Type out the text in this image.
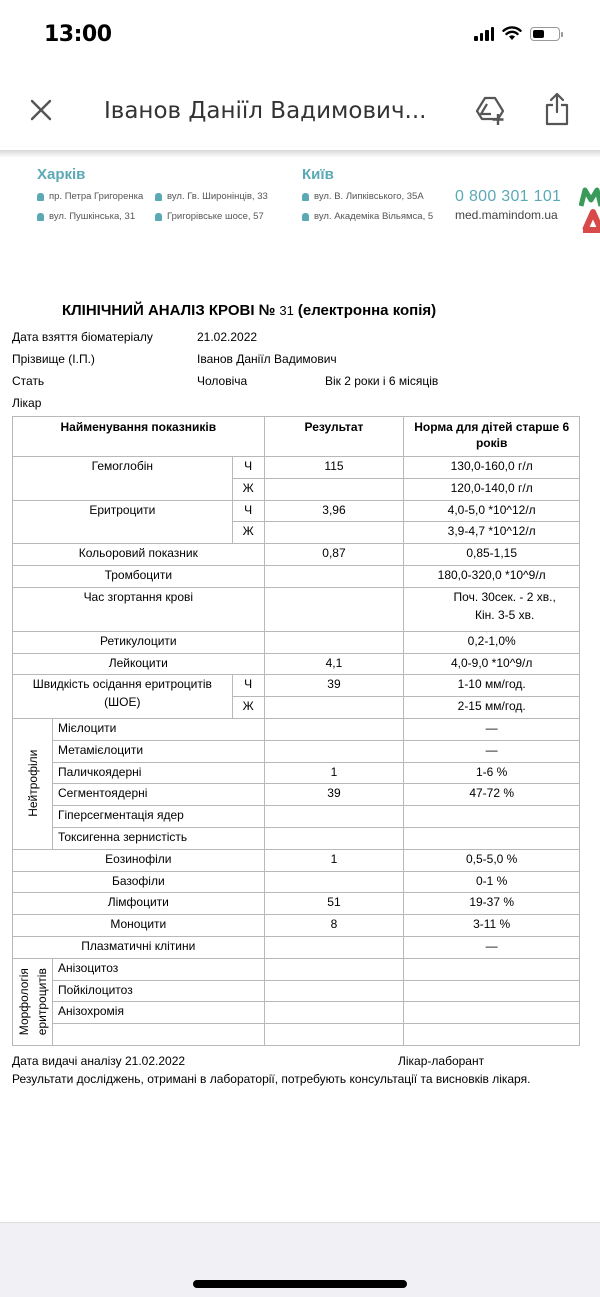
13:00
Іванов Даніїл Вадимович...
Харків
пр. Петра Григоренка вул. Гв. Широнінців, 33
вул. Пушкінська, 31	Григорівське шосе, 57
Київ
вул. В. Липківського, 35А
вул. Академіка Вільямса, 5
0 800 301 101
med.mamindom.ua
КЛІНІЧНИЙ АНАЛІЗ КРОВІ № 31 (електронна копія)
Дата взяття біоматеріалу	21.02.2022
Прізвище (І.П.)	Іванов Даніїл Вадимович
Стать	Чоловіча	Вік 2 роки і 6 місяців
Лікар
Найменування показників			Результат	Норма для дітей старше 6 років
Гемоглобін		Ч	115	130,0-160,0 г/л
		Ж		120,0-140,0 г/л
Еритроцити		Ч	3,96	4,0-5,0 *10^12/л
		Ж		3,9-4,7 *10^12/л
Кольоровий показник			0,87	0,85-1,15
Тромбоцити				180,0-320,0 *10^9/л
Час згортання крові				Поч. 30сек. - 2 хв.,
Кін. 3-5 хв.

Ретикулоцити				0,2-1,0%
Лейкоцити			4,1	4,0-9,0 *10^9/л
Швидкість осідання еритроцитів (ШОЕ)		Ч	39	1-10 мм/год.
		Ж		2-15 мм/год.
Нейтрофіли	Мієлоцити			—
	Метамієлоцити			—
	Паличкоядерні		1	1-6 %
	Сегментоядерні		39	47-72 %
	Гіперсегментація ядер			
	Токсигенна зернистість			
Еозинофіли			1	0,5-5,0 %
Базофіли				0-1 %
Лімфоцити			51	19-37 %
Моноцити			8	3-11 %
Плазматичні клітини				—
Морфологія еритроцитів	Анізоцитоз			
	Пойкілоцитоз			
	Анізохромія			

Дата видачі аналізу 21.02.2022	Лікар-лаборант
Результати досліджень, отримані в лабораторії, потребують консультації та висновків лікаря.
